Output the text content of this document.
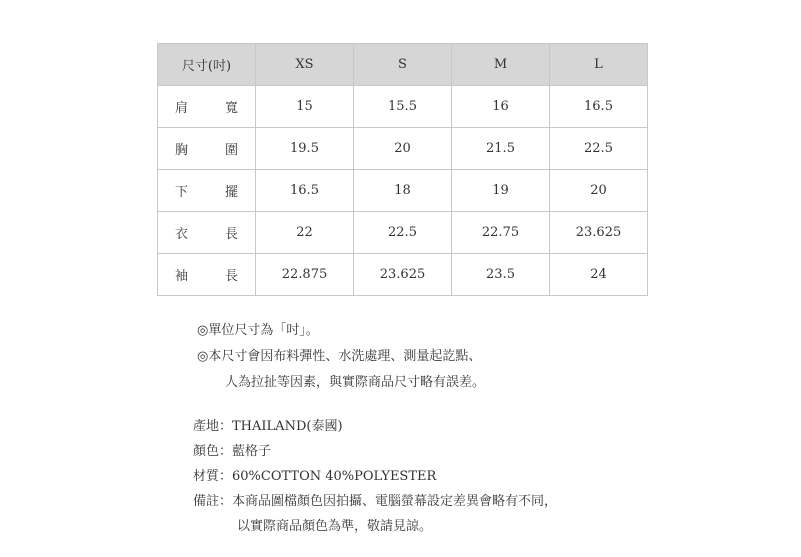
尺寸(吋)	XS	S	M	L

肩 寬	15	15.5	16	16.5

胸 圍	19.5	20	21.5	22.5

下 擺	16.5	18	19	20

衣 長	22	22.5	22.75	23.625

袖 長	22.875	23.625	23.5	24
◎單位尺寸為「吋」。
◎本尺寸會因布料彈性、水洗處理、測量起訖點、
人為拉扯等因素，與實際商品尺寸略有誤差。
產地： THAILAND(泰國)
顏色： 藍格子
材質： 60%COTTON 40%POLYESTER
備註： 本商品圖檔顏色因拍攝、電腦螢幕設定差異會略有不同，
以實際商品顏色為準，敬請見諒。
